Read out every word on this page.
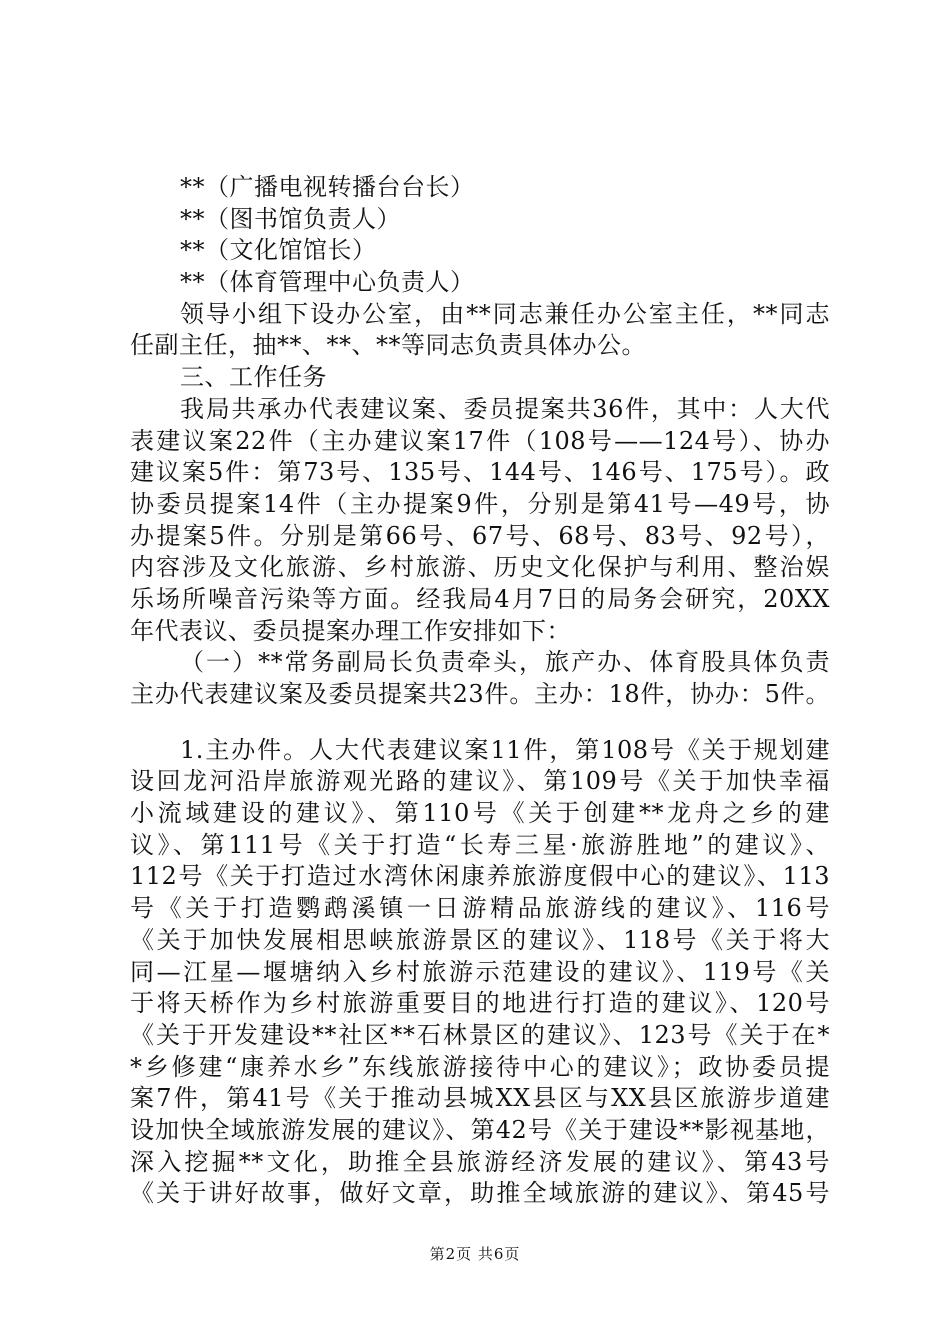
**（广播电视转播台台长）
**（图书馆负责人）
**（文化馆馆长）
**（体育管理中心负责人）
领导小组下设办公室，由**同志兼任办公室主任，**同志
任副主任，抽**、**、**等同志负责具体办公。
三、工作任务
我局共承办代表建议案、委员提案共36件，其中：人大代
表建议案22件（主办建议案17件（108号——124号）、协办
建议案5件：第73号、135号、144号、146号、175号）。政
协委员提案14件（主办提案9件，分别是第41号—49号，协
办提案5件。分别是第66号、67号、68号、83号、92号），
内容涉及文化旅游、乡村旅游、历史文化保护与利用、整治娱
乐场所噪音污染等方面。经我局4月7日的局务会研究，20XX
年代表议、委员提案办理工作安排如下：
（一）**常务副局长负责牵头，旅产办、体育股具体负责
主办代表建议案及委员提案共23件。主办：18件，协办：5件。
1.主办件。人大代表建议案11件，第108号《关于规划建
设回龙河沿岸旅游观光路的建议》、第109号《关于加快幸福
小流域建设的建议》、第110号《关于创建**龙舟之乡的建
议》、第111号《关于打造“长寿三星·旅游胜地”的建议》、
112号《关于打造过水湾休闲康养旅游度假中心的建议》、113
号《关于打造鹦鹉溪镇一日游精品旅游线的建议》、116号
《关于加快发展相思峡旅游景区的建议》、118号《关于将大
同—江星—堰塘纳入乡村旅游示范建设的建议》、119号《关
于将天桥作为乡村旅游重要目的地进行打造的建议》、120号
《关于开发建设**社区**石林景区的建议》、123号《关于在*
*乡修建“康养水乡”东线旅游接待中心的建议》；政协委员提
案7件，第41号《关于推动县城XX县区与XX县区旅游步道建
设加快全域旅游发展的建议》、第42号《关于建设**影视基地，
深入挖掘**文化，助推全县旅游经济发展的建议》、第43号
《关于讲好故事，做好文章，助推全域旅游的建议》、第45号
第2页 共6页
